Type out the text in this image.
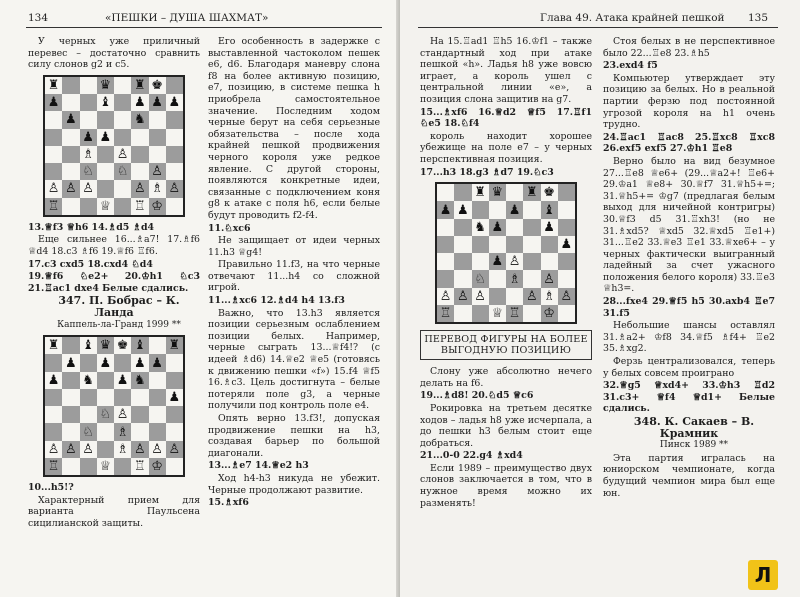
134	«ПЕШКИ – ДУША ШАХМАТ»

У черных уже приличный перевес – достаточно сравнить силу слонов g2 и c5.

♜	♛ ♜ ♚
♟	♝ ♟ ♟ ♟
♟	♞
♟ ♟
♗ ♙
♘ ♘ ♙
♙ ♙ ♙	♙ ♗ ♙
♖	♕ ♖ ♔

13.♕f3 ♕h6 14.♗d5 ♗d4

Еще сильнее 16...♗a7! 17.♗f6 ♕d4 18.c3 ♗f6 19.♕f6 ♖f6.

17.c3 cxd5 18.cxd4 ♘d4

19.♕f6 ♘e2+ 20.♔h1 ♘c3 21.♖ac1 dxe4 Белые сдались.

347. П. Бобрас – К. Ланда

Каппель-ла-Гранд 1999 **

♜ ♝ ♛ ♚ ♝ ♜
♟ ♟ ♟ ♟
♟ ♞ ♟ ♞
♟
♘ ♙
♘ ♗
♙ ♙ ♙ ♗ ♙ ♙ ♙
♖	♕ ♖ ♔

10...h5!?

Характерный прием для варианта Паульсена сицилианской защиты.

Его особенность в задержке с выставленной частоколом пешек e6, d6. Благодаря маневру слона f8 на более активную позицию, e7, позицию, в системе пешка h приобрела самостоятельное значение. Последним ходом черные берут на себя серьезные обязательства – после хода крайней пешкой продвижения черного короля уже редкое явление. С другой стороны, появляются конкретные идеи, связанные с подключением коня g8 к атаке с поля h6, если белые будут проводить f2-f4.

11.♘xc6

Не защищает от идеи черных 11.h3 ♕g4!

Правильно 11.f3, на что черные отвечают 11...h4 со сложной игрой.

11...♗xc6 12.♗d4 h4 13.f3

Важно, что 13.h3 является позиции серьезным ослаблением позиции белых. Например, черные сыграть 13...♕f4!? (с идеей ♗d6) 14.♕e2 ♕e5 (готовясь к движению пешки «f») 15.f4 ♕f5 16.♗c3. Цель достигнута – белые потеряли поле g3, а черные получили под контроль поле e4.

Опять верно 13.f3!, допуская продвижение пешки на h3, создавая барьер по большой диагонали.

13...♗e7 14.♕e2 h3

Ход h4-h3 никуда не убежит. Черные продолжают развитие.

15.♗xf6

Глава 49. Атака крайней пешкой 135

На 15.♖ad1 ♖h5 16.♔f1 – также стандартный ход при атаке пешкой «h». Ладья h8 уже вовсю играет, а король ушел с центральной линии «e», а позиция слона защитив на g7.

15...♗xf6 16.♕d2 ♕f5 17.♖f1 ♘e5 18.♘f4

король находит хорошее убежище на поле e7 – у черных перспективная позиция.

17...h3 18.g3 ♗d7 19.♘c3

♜ ♛ ♜ ♚
♟ ♟	♟ ♝
♞ ♟	♟
♟
♟ ♙
♘ ♗ ♙
♙ ♙ ♙	♙ ♗ ♙
♖	♕ ♖ ♔
ПЕРЕВОД ФИГУРЫ НА БОЛЕЕ ВЫГОДНУЮ ПОЗИЦИЮ

Слону уже абсолютно нечего делать на f6.

19...♗d8! 20.♘d5 ♕c6

Рокировка на третьем десятке ходов – ладья h8 уже исчерпала, а до пешки h3 белым стоит еще добраться.

21...0-0 22.g4 ♗xd4

Если 1989 – преимущество двух слонов заключается в том, что в нужное время можно их разменять!

Стоя белых в не перспективное было 22...♖e8 23.♗h5

23.exd4 f5

Компьютер утверждает эту позицию за белых. Но в реальной партии ферзю под постоянной угрозой короля на h1 очень трудно.

24.♖ac1 ♖ac8 25.♖xc8 ♖xc8 26.exf5 exf5 27.♔h1 ♖e8

Верно было на вид безумное 27...♖e8 ♕e6+ (29...♕a2+! ♖e6+ 29.♔a1 ♕e8+ 30.♕f7 31.♕h5+=; 31.♕h5+= ♔g7 (предлагая белым выход для ничейной контригры) 30.♕f3 d5 31.♖xh3! (но не 31.♗xd5? ♕xd5 32.♕xd5 ♖e1+) 31...♖e2 33.♕e3 ♖e1 33.♕xe6+ – у черных фактически выигранный ладейный за счет ужасного положения белого короля) 33.♖e3 ♕h3=.

28...fxe4 29.♕f5 h5 30.axb4 ♖e7 31.f5

Небольшие шансы оставлял 31.♗a2+ ♔f8 34.♕f5 ♗f4+ ♖e2 35.♗xg2.

Ферзь централизовался, теперь у белых совсем проиграно

32.♕g5 ♕xd4+ 33.♔h3 ♖d2 31.c3+ ♕f4 ♕d1+ Белые сдались.

348. К. Сакаев – В. Крамник

Пинск 1989 **

Эта партия игралась на юниорском чемпионате, когда будущий чемпион мира был еще юн.

Л
